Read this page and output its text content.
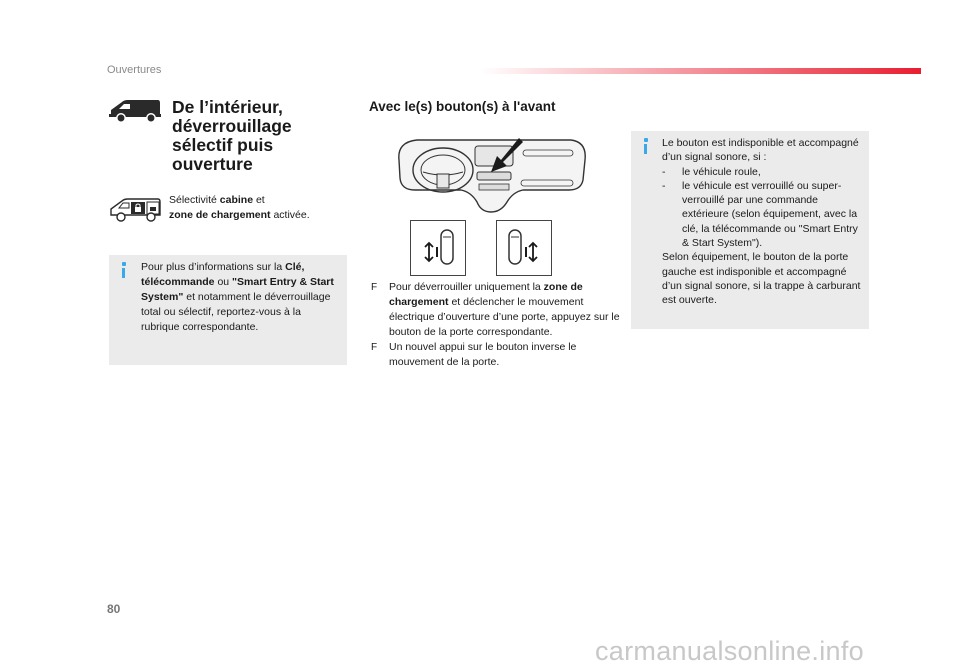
Ouvertures
De l’intérieur,
déverrouillage
sélectif puis
ouverture
Sélectivité cabine et
zone de chargement activée.
Pour plus d’informations sur la Clé, télécommande ou "Smart Entry & Start System" et notamment le déverrouillage total ou sélectif, reportez-vous à la rubrique correspondante.
Avec le(s) bouton(s) à l'avant
F	Pour déverrouiller uniquement la zone de chargement et déclencher le mouvement électrique d’ouverture d’une porte, appuyez sur le bouton de la porte correspondante.
F	Un nouvel appui sur le bouton inverse le mouvement de la porte.
Le bouton est indisponible et accompagné d’un signal sonore, si :
-	le véhicule roule,
-	le véhicule est verrouillé ou super-verrouillé par une commande extérieure (selon équipement, avec la clé, la télécommande ou "Smart Entry & Start System").
Selon équipement, le bouton de la porte gauche est indisponible et accompagné d’un signal sonore, si la trappe à carburant est ouverte.
80
carmanualsonline.info
